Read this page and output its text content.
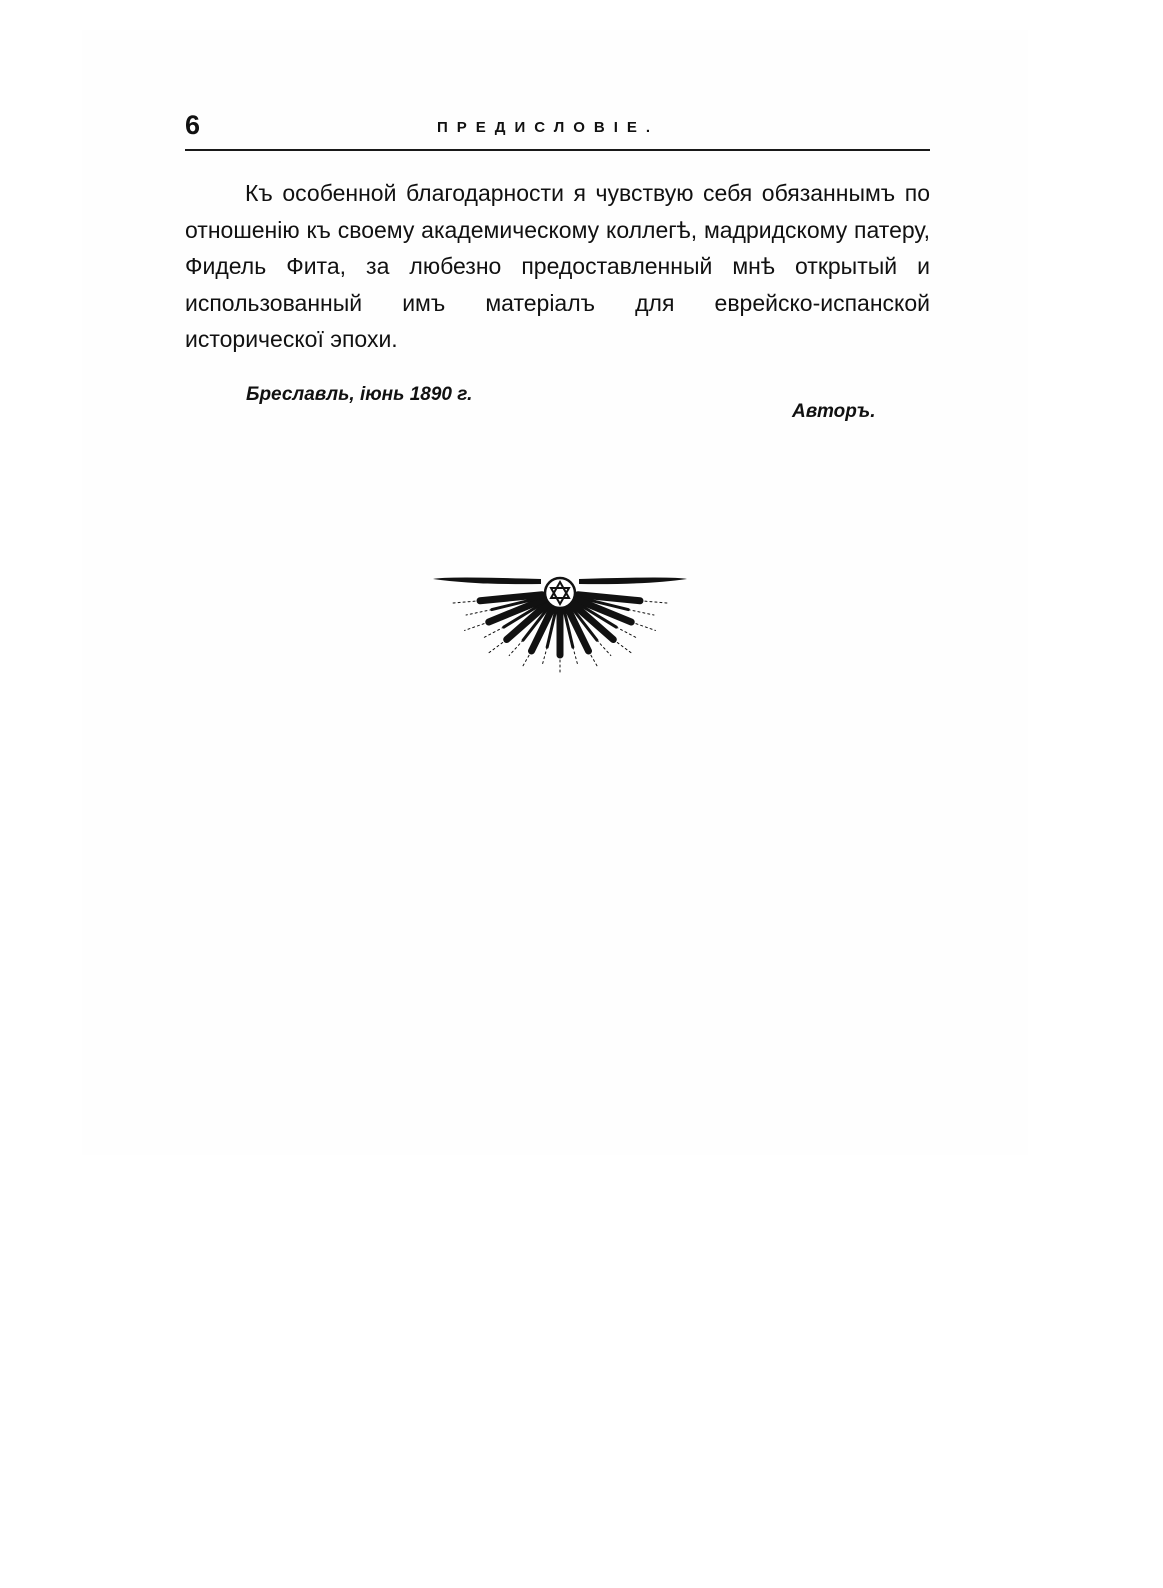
6	ПРЕДИСЛОВІЕ.

Къ особенной благодарности я чувствую себя обязаннымъ по отношенію къ своему академическому коллегѣ, мадридскому патеру, Фидель Фита, за любезно предоставленный мнѣ открытый и использованный имъ матеріалъ для еврейско-испанской историческої эпохи.

Бреславль, іюнь 1890 г.
Авторъ.
